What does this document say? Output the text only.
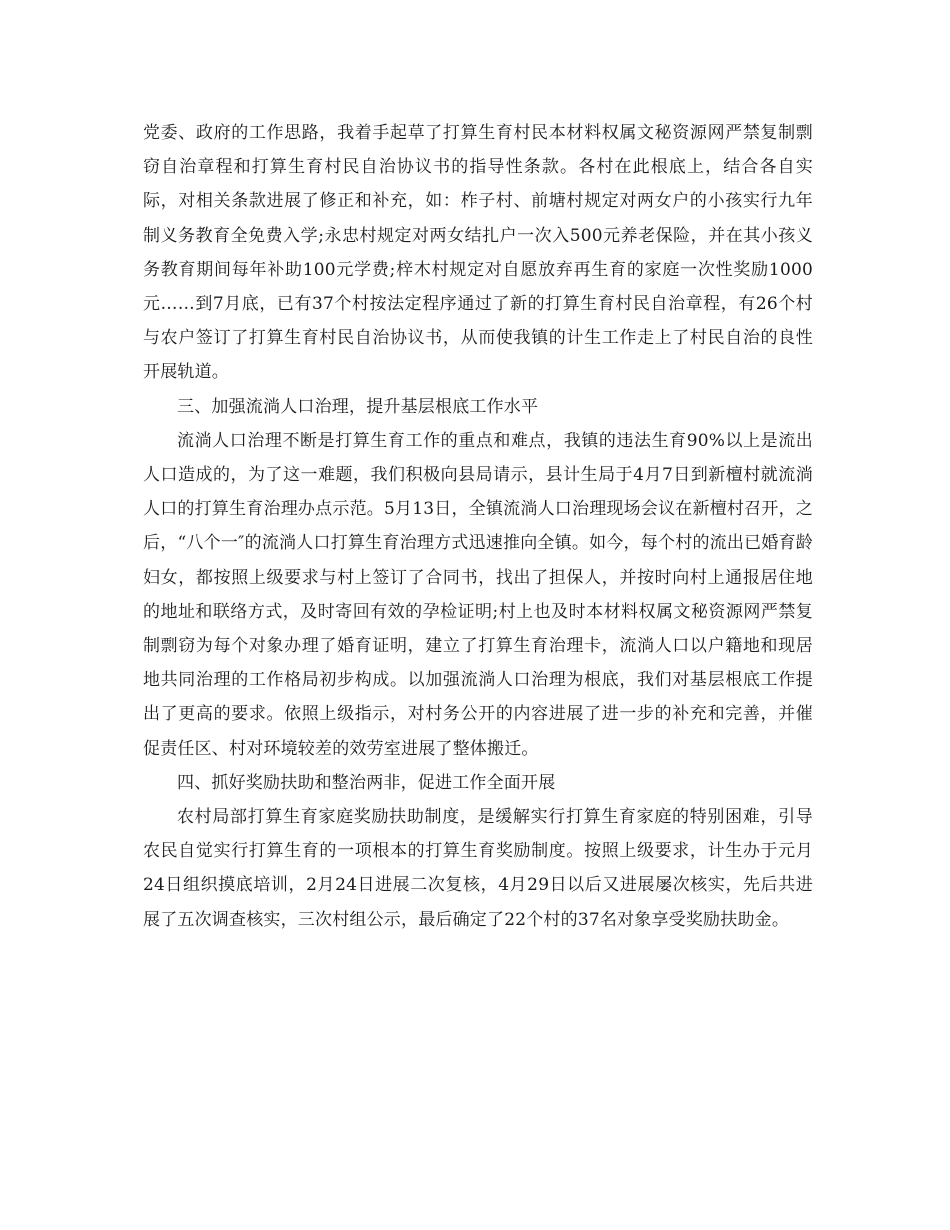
党委、政府的工作思路，我着手起草了打算生育村民本材料权属文秘资源网严禁复制剽窃自治章程和打算生育村民自治协议书的指导性条款。各村在此根底上，结合各自实际，对相关条款进展了修正和补充，如：柞子村、前塘村规定对两女户的小孩实行九年制义务教育全免费入学;永忠村规定对两女结扎户一次入500元养老保险，并在其小孩义务教育期间每年补助100元学费;梓木村规定对自愿放弃再生育的家庭一次性奖励1000元……到7月底，已有37个村按法定程序通过了新的打算生育村民自治章程，有26个村与农户签订了打算生育村民自治协议书，从而使我镇的计生工作走上了村民自治的良性开展轨道。

三、加强流淌人口治理，提升基层根底工作水平

流淌人口治理不断是打算生育工作的重点和难点，我镇的违法生育90%以上是流出人口造成的，为了这一难题，我们积极向县局请示，县计生局于4月7日到新檀村就流淌人口的打算生育治理办点示范。5月13日，全镇流淌人口治理现场会议在新檀村召开，之后，“八个一″的流淌人口打算生育治理方式迅速推向全镇。如今，每个村的流出已婚育龄妇女，都按照上级要求与村上签订了合同书，找出了担保人，并按时向村上通报居住地的地址和联络方式，及时寄回有效的孕检证明;村上也及时本材料权属文秘资源网严禁复制剽窃为每个对象办理了婚育证明，建立了打算生育治理卡，流淌人口以户籍地和现居地共同治理的工作格局初步构成。以加强流淌人口治理为根底，我们对基层根底工作提出了更高的要求。依照上级指示，对村务公开的内容进展了进一步的补充和完善，并催促责任区、村对环境较差的效劳室进展了整体搬迁。

四、抓好奖励扶助和整治两非，促进工作全面开展

农村局部打算生育家庭奖励扶助制度，是缓解实行打算生育家庭的特别困难，引导农民自觉实行打算生育的一项根本的打算生育奖励制度。按照上级要求，计生办于元月24日组织摸底培训，2月24日进展二次复核，4月29日以后又进展屡次核实，先后共进展了五次调查核实，三次村组公示，最后确定了22个村的37名对象享受奖励扶助金。
